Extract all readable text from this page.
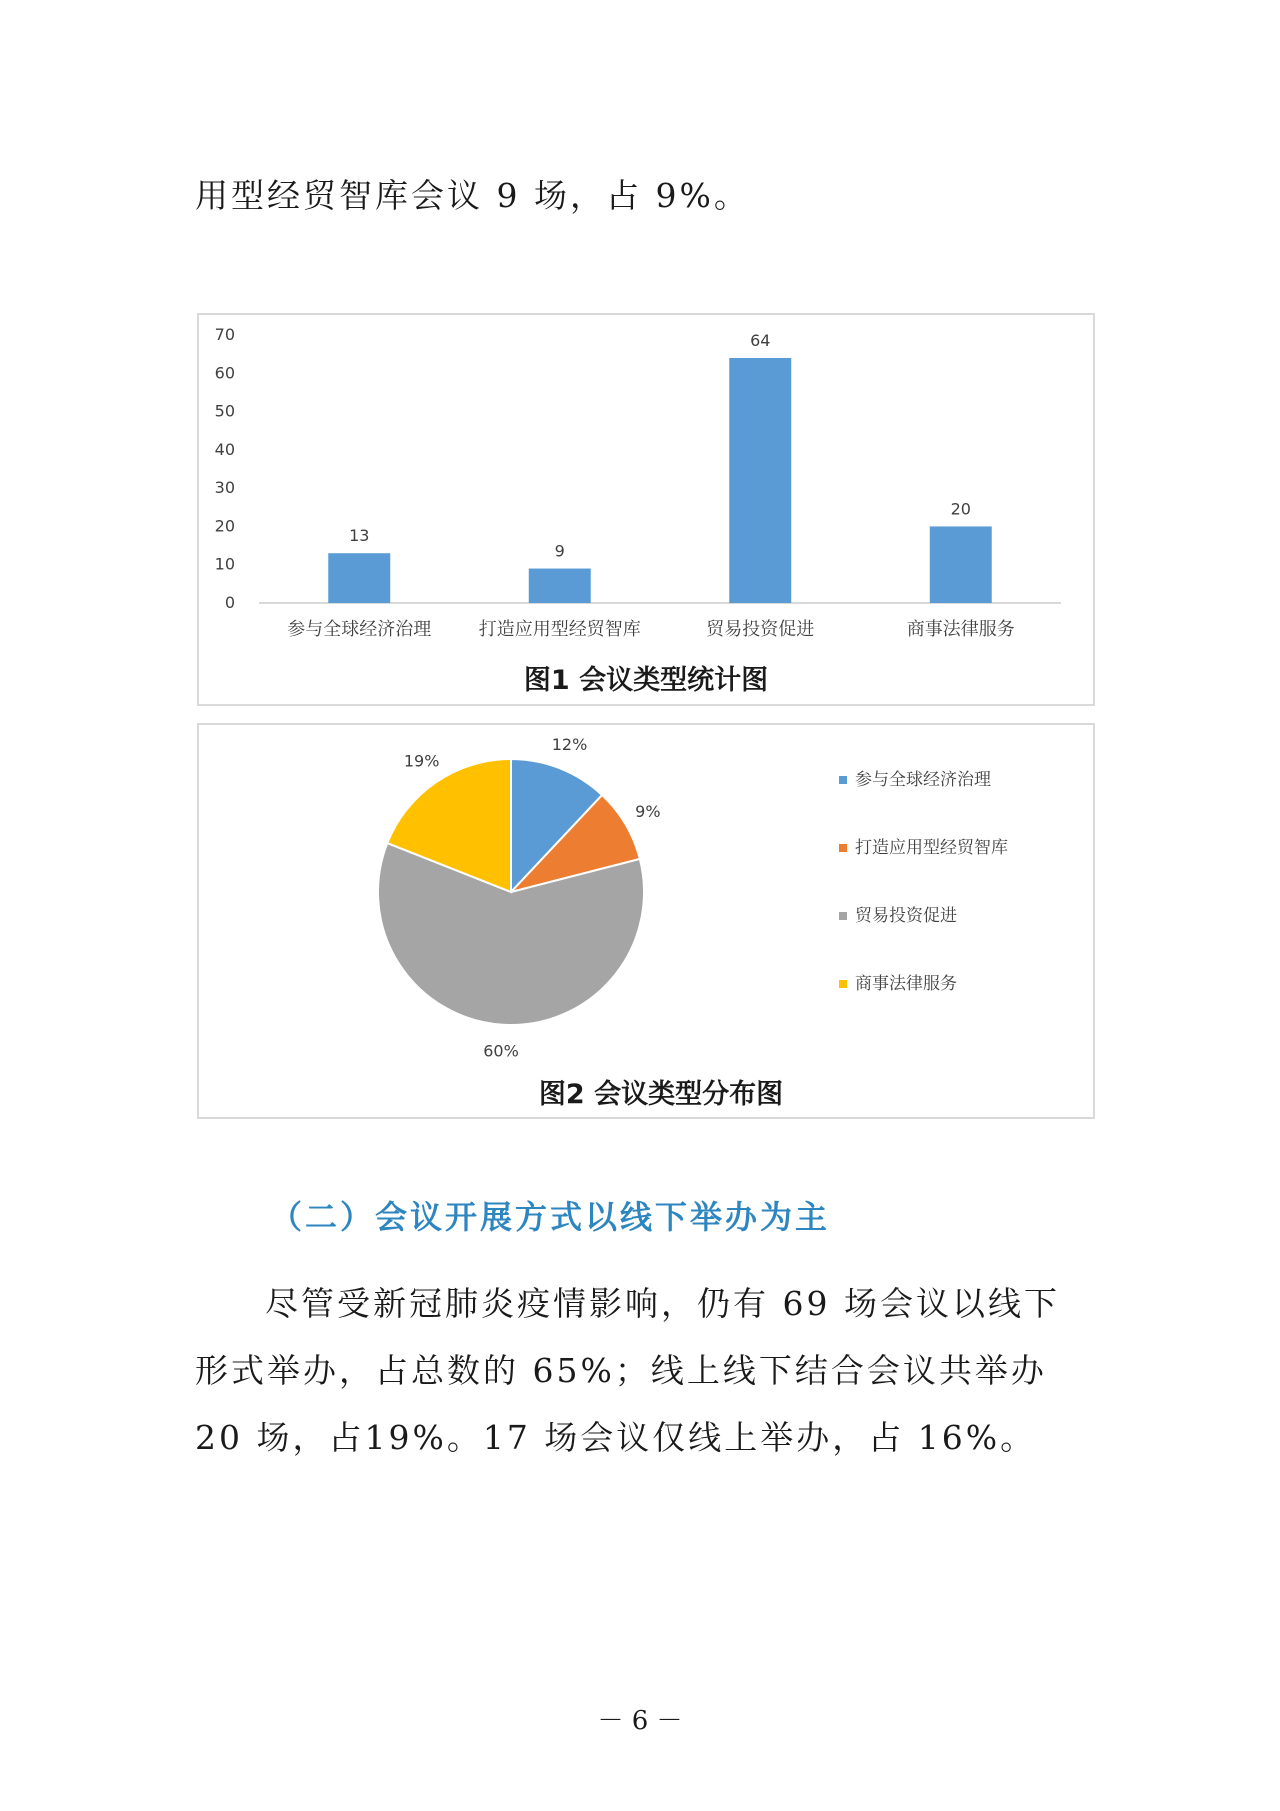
用型经贸智库会议 9 场，占 9%。

0
10
20
30
40
50
60
70
13
9
64
20
参与全球经济治理	打造应用型经贸智库	贸易投资促进	商事法律服务
图1 会议类型统计图
12%
9%
60%
19%
参与全球经济治理
打造应用型经贸智库
贸易投资促进
商事法律服务
图2 会议类型分布图

（二）会议开展方式以线下举办为主

尽管受新冠肺炎疫情影响，仍有 69 场会议以线下形式举办，占总数的 65%；线上线下结合会议共举办 20 场，占19%。17 场会议仅线上举办，占 16%。

－ 6 －
